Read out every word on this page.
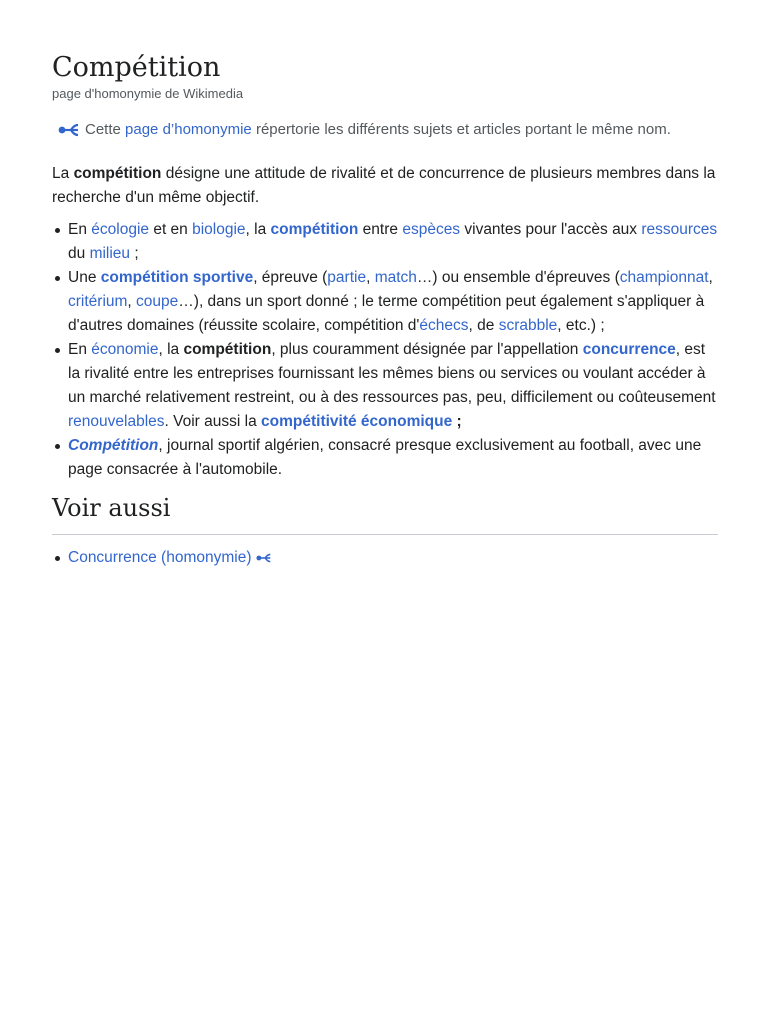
Compétition
page d'homonymie de Wikimedia
Cette
page d’homonymie
répertorie les différents sujets et articles portant le même nom.

La compétition désigne une attitude de rivalité et de concurrence de plusieurs membres dans la recherche d'un même objectif.

En écologie et en biologie, la compétition entre espèces vivantes pour l'accès aux ressources du milieu ;
Une compétition sportive, épreuve (partie, match…) ou ensemble d'épreuves (championnat, critérium, coupe…), dans un sport donné ; le terme compétition peut également s'appliquer à d'autres domaines (réussite scolaire, compétition d'échecs, de scrabble, etc.) ;
En économie, la compétition, plus couramment désignée par l'appellation concurrence, est la rivalité entre les entreprises fournissant les mêmes biens ou services ou voulant accéder à un marché relativement restreint, ou à des ressources pas, peu, difficilement ou coûteusement renouvelables. Voir aussi la compétitivité économique ;
Compétition, journal sportif algérien, consacré presque exclusivement au football, avec une page consacrée à l'automobile.
Voir aussi
Concurrence (homonymie)
